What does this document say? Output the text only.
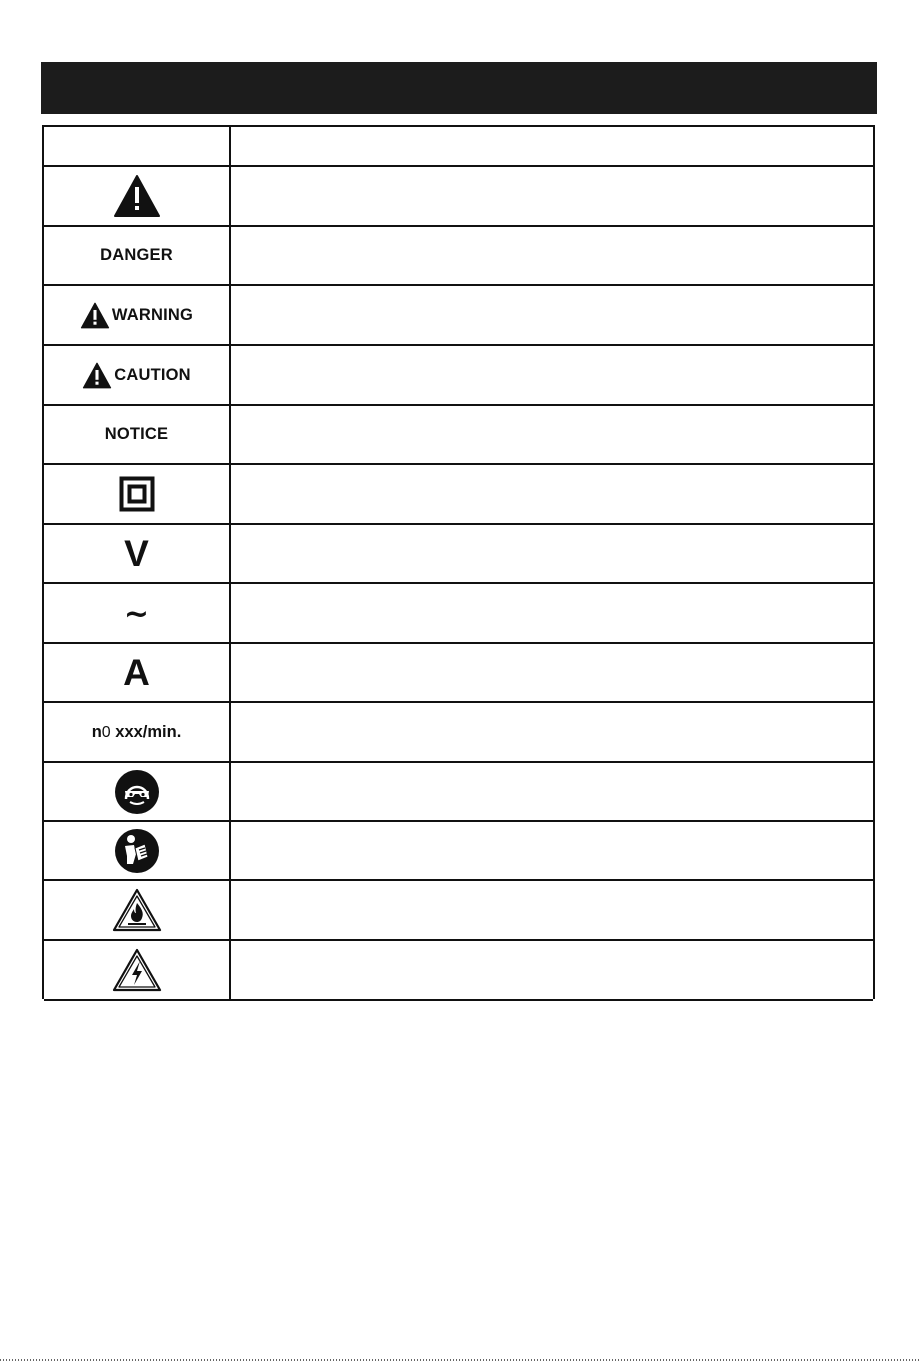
DANGER
WARNING
CAUTION
NOTICE
V
~
A
n0 xxx/min.
